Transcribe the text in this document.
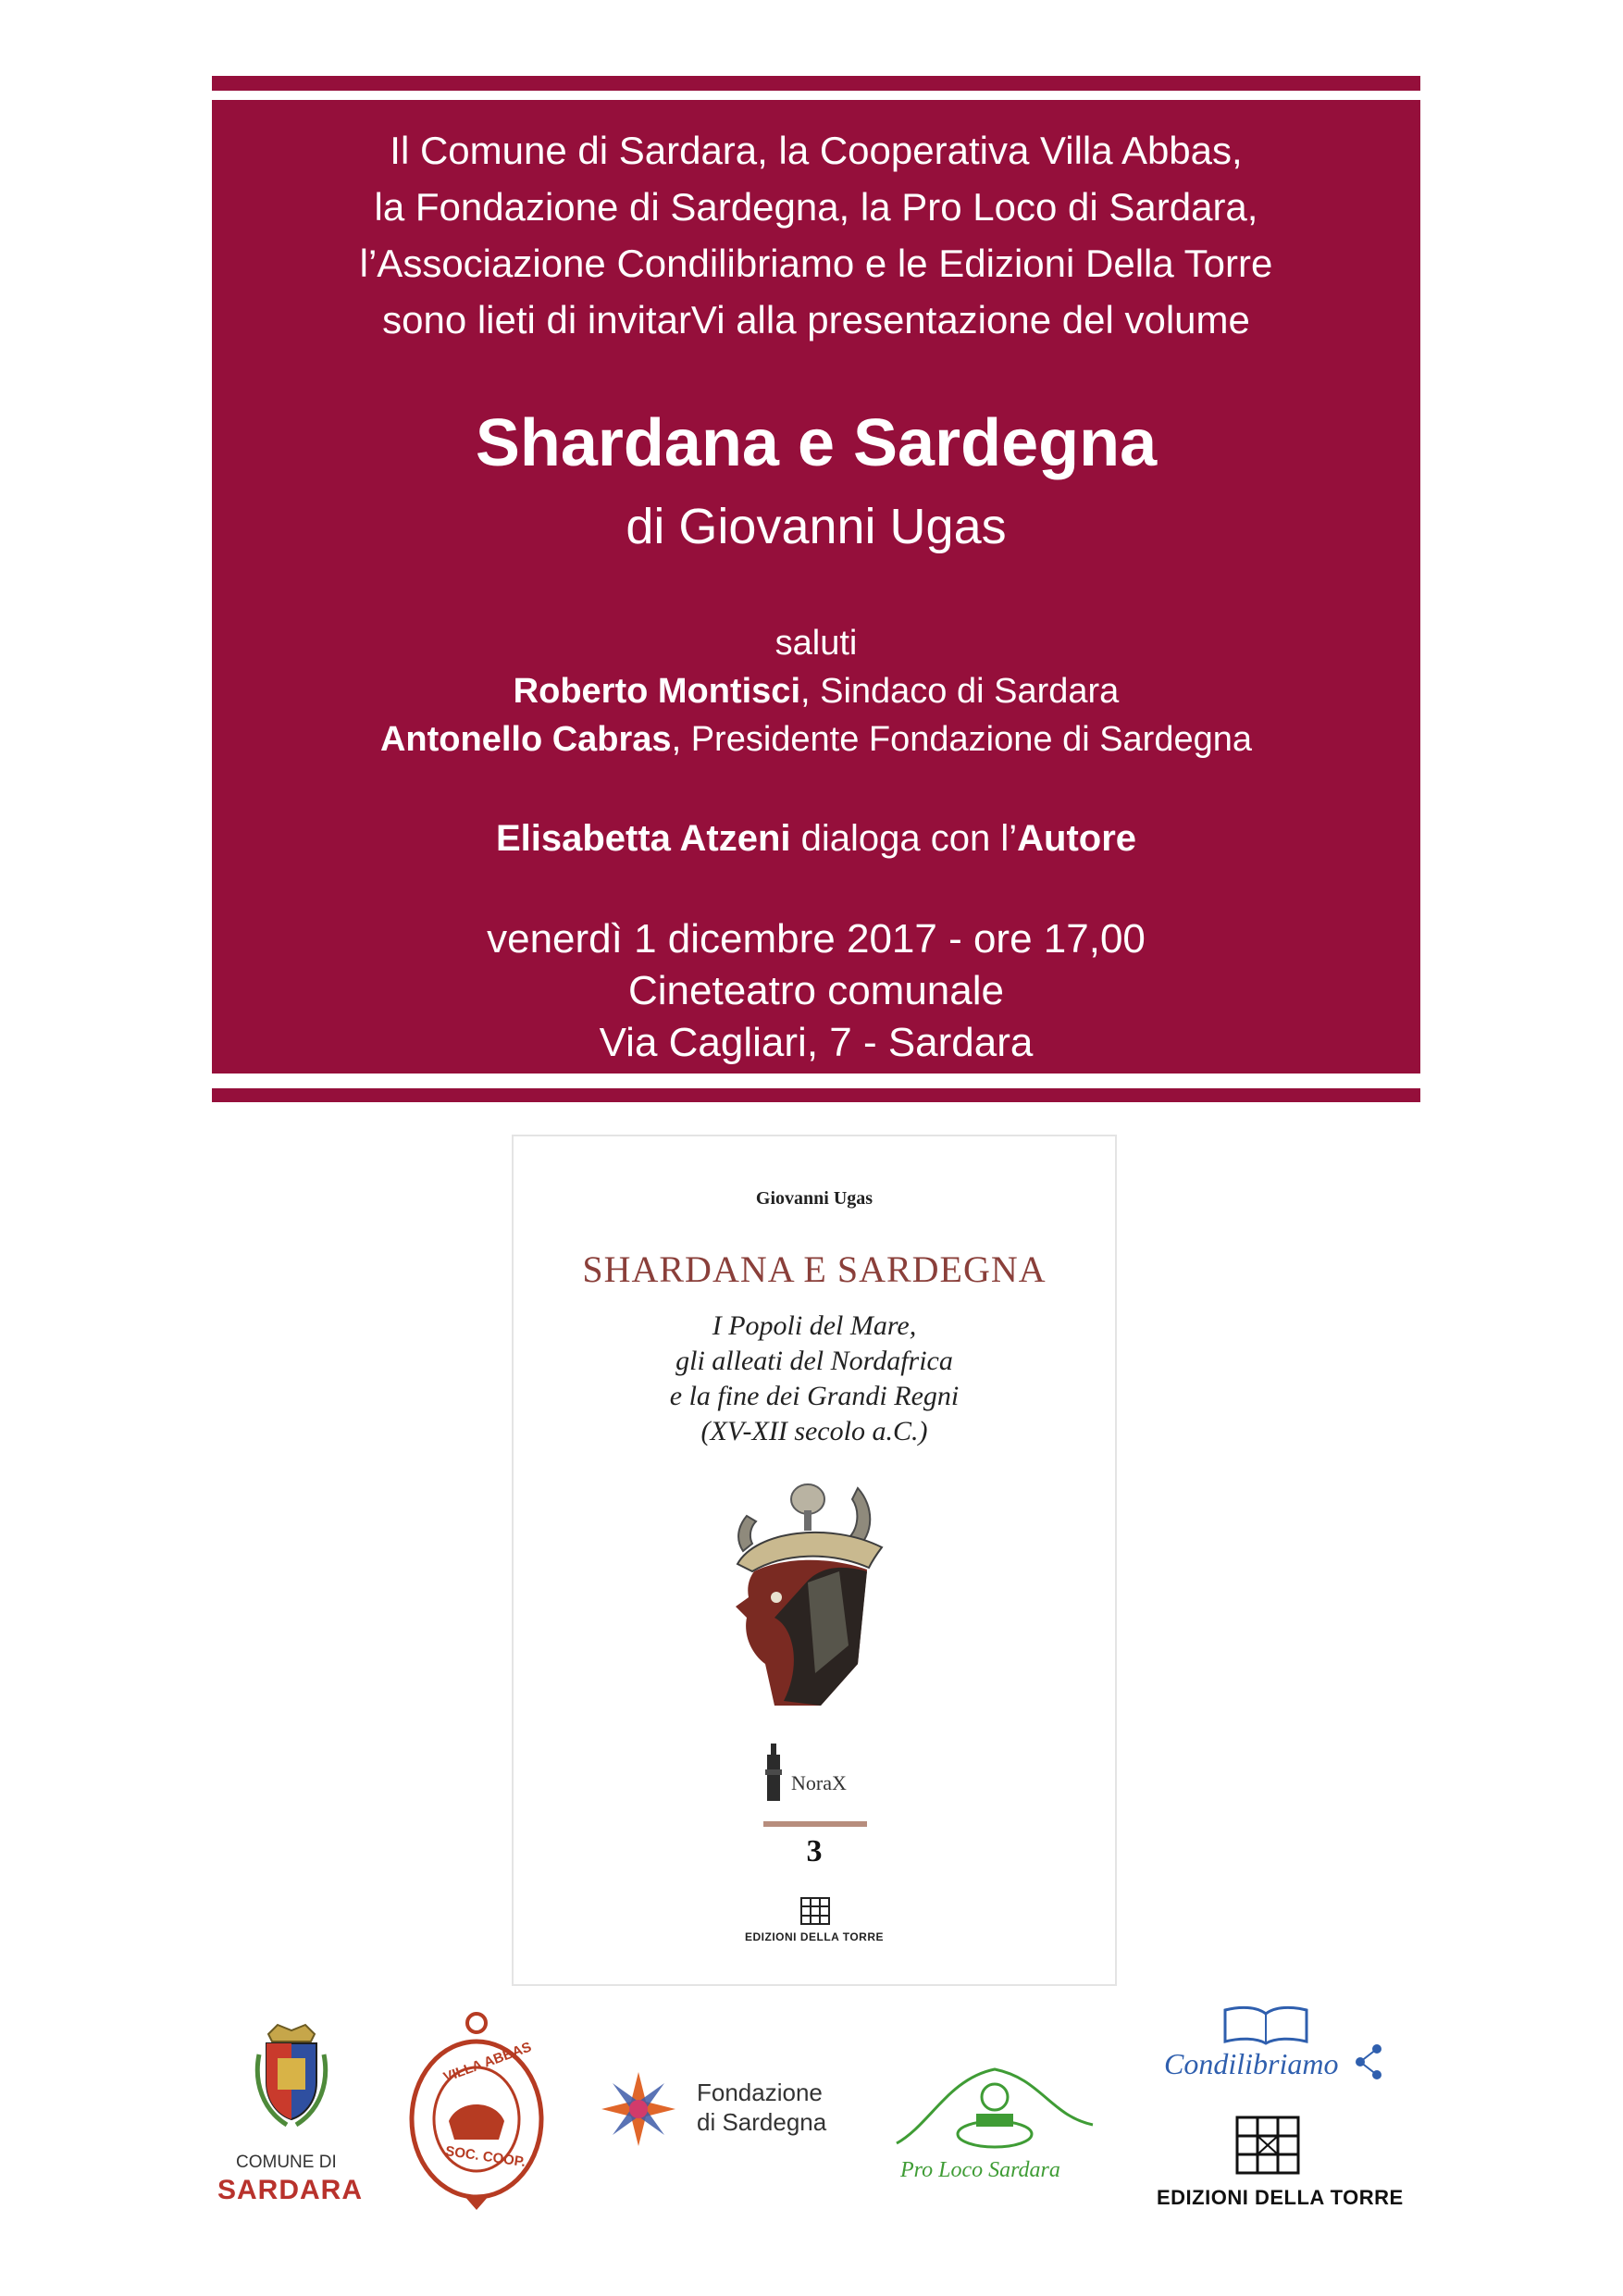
Il Comune di Sardara, la Cooperativa Villa Abbas,
la Fondazione di Sardegna, la Pro Loco di Sardara,
l’Associazione Condilibriamo e le Edizioni Della Torre
sono lieti di invitarVi alla presentazione del volume
Shardana e Sardegna
di Giovanni Ugas
saluti
Roberto Montisci, Sindaco di Sardara
Antonello Cabras, Presidente Fondazione di Sardegna
Elisabetta Atzeni dialoga con l’Autore
venerdì 1 dicembre 2017 - ore 17,00
Cineteatro comunale
Via Cagliari, 7 - Sardara
Giovanni Ugas
SHARDANA E SARDEGNA
I Popoli del Mare,
gli alleati del Nordafrica
e la fine dei Grandi Regni
(XV-XII secolo a.C.)
NoraX
3
EDIZIONI DELLA TORRE
COMUNE DI
SARDARA
VILLA ABBAS
SOC. COOP.
Fondazione
di Sardegna
Pro Loco Sardara
Condilibriamo
EDIZIONI DELLA TORRE
